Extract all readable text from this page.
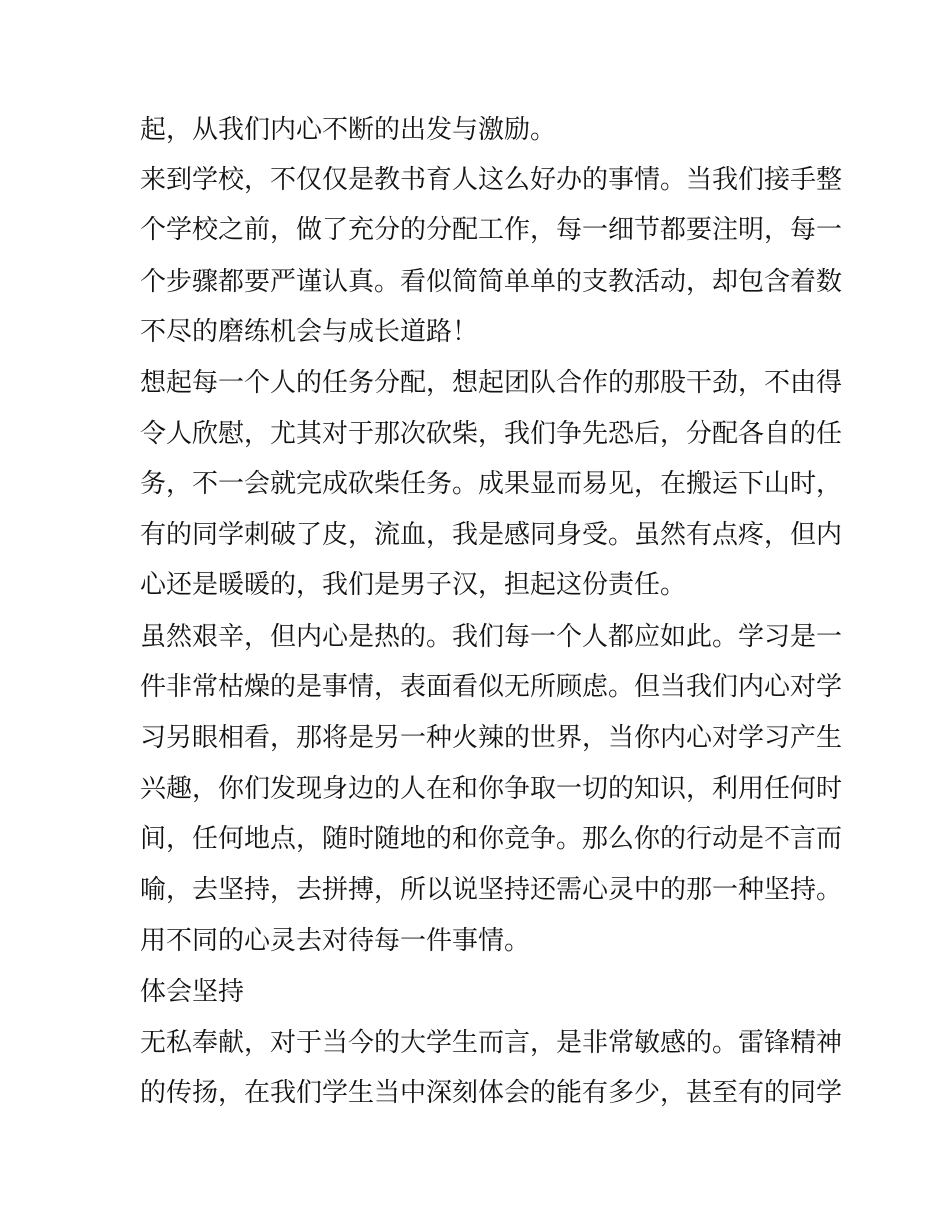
起，从我们内心不断的出发与激励。

来到学校，不仅仅是教书育人这么好办的事情。当我们接手整

个学校之前，做了充分的分配工作，每一细节都要注明，每一

个步骤都要严谨认真。看似简简单单的支教活动，却包含着数

不尽的磨练机会与成长道路！

想起每一个人的任务分配，想起团队合作的那股干劲，不由得

令人欣慰，尤其对于那次砍柴，我们争先恐后，分配各自的任

务，不一会就完成砍柴任务。成果显而易见，在搬运下山时，

有的同学刺破了皮，流血，我是感同身受。虽然有点疼，但内

心还是暖暖的，我们是男子汉，担起这份责任。

虽然艰辛，但内心是热的。我们每一个人都应如此。学习是一

件非常枯燥的是事情，表面看似无所顾虑。但当我们内心对学

习另眼相看，那将是另一种火辣的世界，当你内心对学习产生

兴趣，你们发现身边的人在和你争取一切的知识，利用任何时

间，任何地点，随时随地的和你竞争。那么你的行动是不言而

喻，去坚持，去拼搏，所以说坚持还需心灵中的那一种坚持。

用不同的心灵去对待每一件事情。

体会坚持

无私奉献，对于当今的大学生而言，是非常敏感的。雷锋精神

的传扬，在我们学生当中深刻体会的能有多少，甚至有的同学
